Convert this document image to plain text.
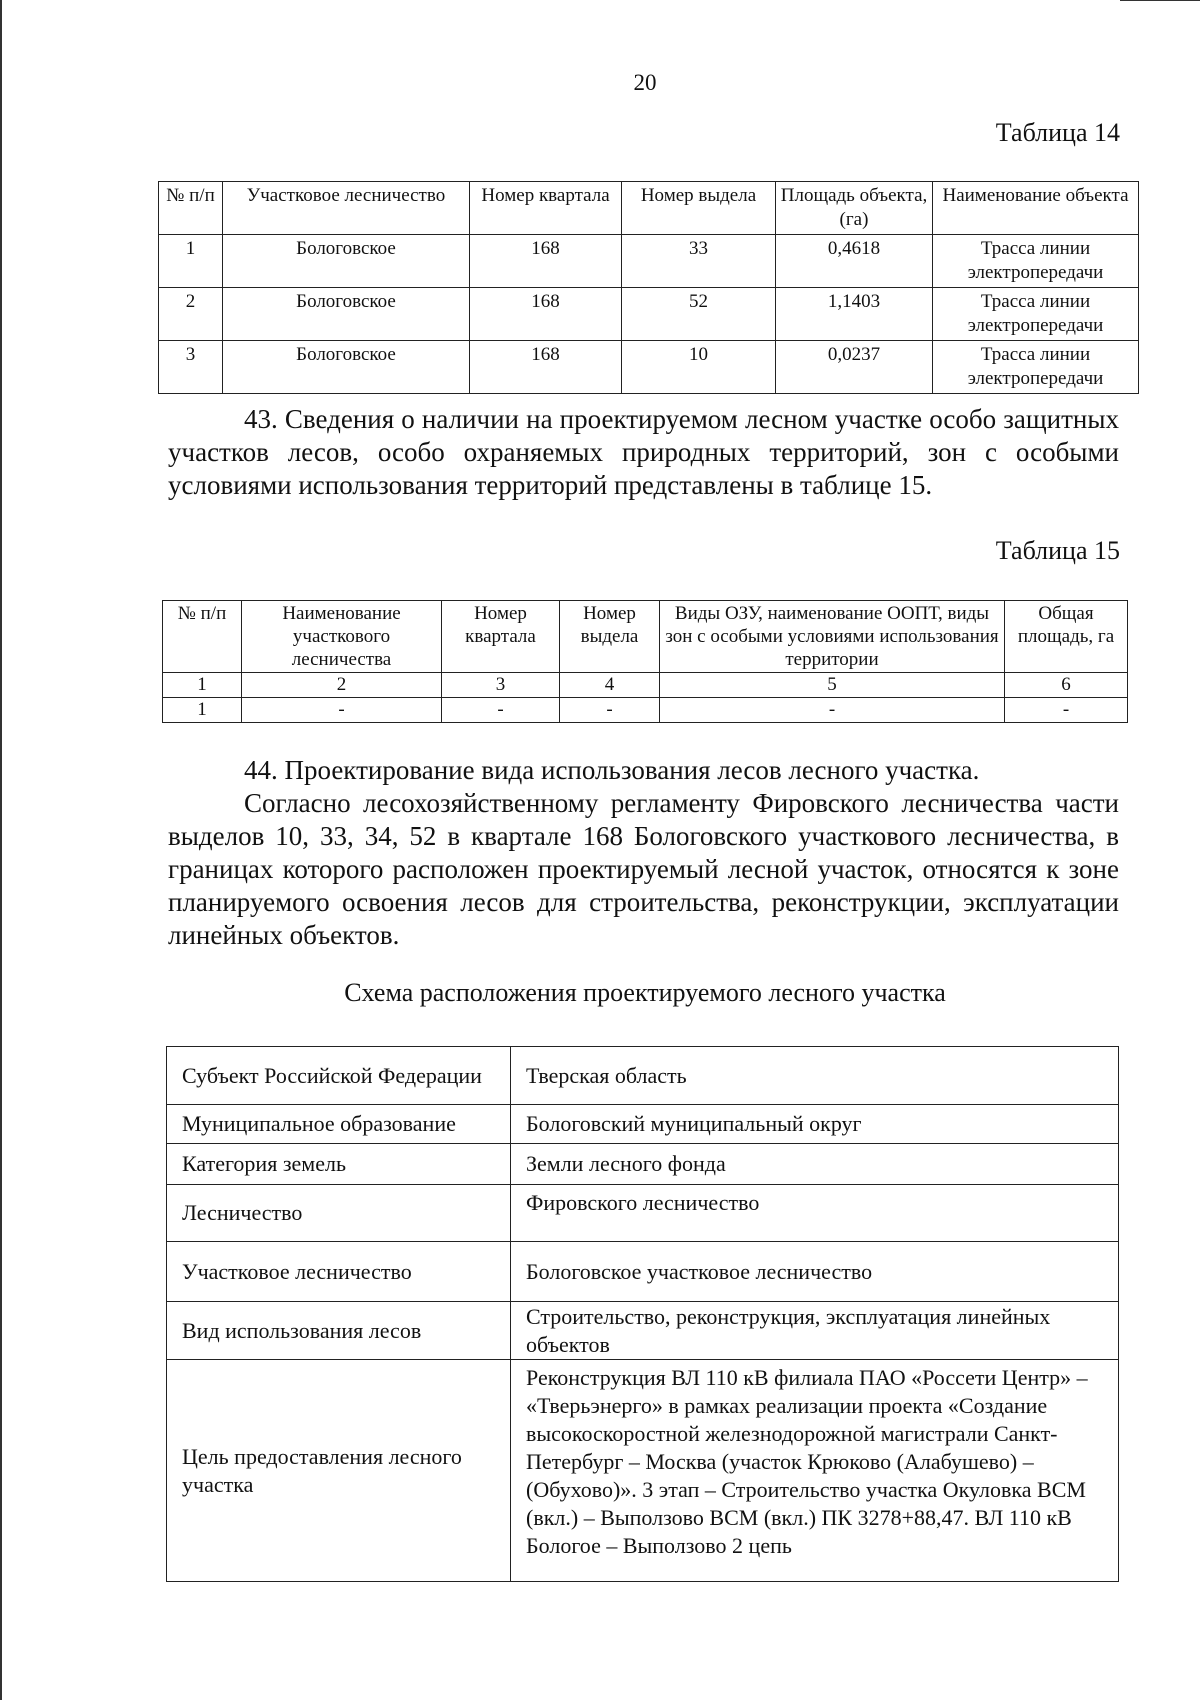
20
Таблица 14
№ п/п	Участковое лесничество	Номер квартала	Номер выдела	Площадь объекта, (га)	Наименование объекта
1	Бологовское	168	33	0,4618	Трасса линии электропередачи
2	Бологовское	168	52	1,1403	Трасса линии электропередачи
3	Бологовское	168	10	0,0237	Трасса линии электропередачи
43. Сведения о наличии на проектируемом лесном участке особо защитных участков лесов, особо охраняемых природных территорий, зон с особыми условиями использования территорий представлены в таблице 15.
Таблица 15
№ п/п	Наименование участкового лесничества	Номер квартала	Номер выдела	Виды ОЗУ, наименование ООПТ, виды зон с особыми условиями использования территории	Общая площадь, га
1	2	3	4	5	6
1	-	-	-	-	-
44. Проектирование вида использования лесов лесного участка.
Согласно лесохозяйственному регламенту Фировского лесничества части выделов 10, 33, 34, 52 в квартале 168 Бологовского участкового лесничества, в границах которого расположен проектируемый лесной участок, относятся к зоне планируемого освоения лесов для строительства, реконструкции, эксплуатации линейных объектов.
Схема расположения проектируемого лесного участка
Субъект Российской Федерации	Тверская область
Муниципальное образование	Бологовский муниципальный округ
Категория земель	Земли лесного фонда
Лесничество	Фировского лесничество
Участковое лесничество	Бологовское участковое лесничество
Вид использования лесов	Строительство, реконструкция, эксплуатация линейных объектов
Цель предоставления лесного участка	Реконструкция ВЛ 110 кВ филиала ПАО «Россети Центр» – «Тверьэнерго» в рамках реализации проекта «Создание высокоскоростной железнодорожной магистрали Санкт-Петербург – Москва (участок Крюково (Алабушево) – (Обухово)». 3 этап – Строительство участка Окуловка ВСМ (вкл.) – Выползово ВСМ (вкл.) ПК 3278+88,47. ВЛ 110 кВ Бологое – Выползово 2 цепь
